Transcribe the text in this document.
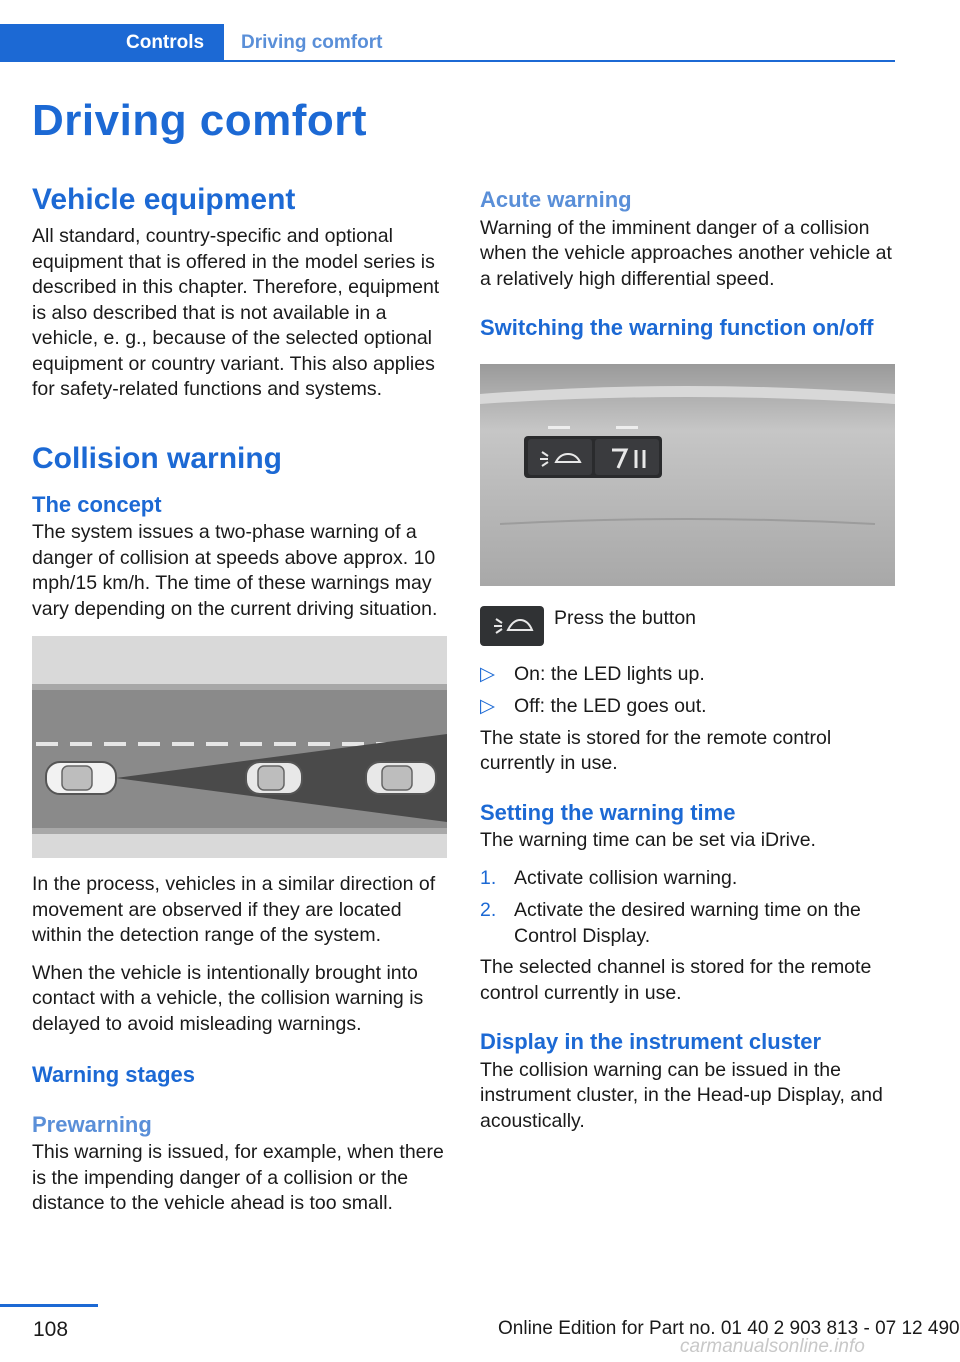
Controls	Driving comfort
Driving comfort
Vehicle equipment

All standard, country-specific and optional equipment that is offered in the model series is described in this chapter. Therefore, equipment is also described that is not available in a vehicle, e. g., because of the selected optional equipment or country variant. This also applies for safety-related functions and systems.

Collision warning
The concept

The system issues a two-phase warning of a danger of collision at speeds above approx. 10 mph/15 km/h. The time of these warnings may vary depending on the current driving situation.

In the process, vehicles in a similar direction of movement are observed if they are located within the detection range of the system.

When the vehicle is intentionally brought into contact with a vehicle, the collision warning is delayed to avoid misleading warnings.

Warning stages
Prewarning

This warning is issued, for example, when there is the impending danger of a collision or the distance to the vehicle ahead is too small.

Acute warning

Warning of the imminent danger of a collision when the vehicle approaches another vehicle at a relatively high differential speed.

Switching the warning function on/off

Press the button

▷ On: the LED lights up.
▷ Off: the LED goes out.

The state is stored for the remote control currently in use.

Setting the warning time

The warning time can be set via iDrive.

1. Activate collision warning.
2. Activate the desired warning time on the Control Display.

The selected channel is stored for the remote control currently in use.

Display in the instrument cluster

The collision warning can be issued in the instrument cluster, in the Head-up Display, and acoustically.

108	Online Edition for Part no. 01 40 2 903 813 - 07 12 490
carmanualsonline.info
